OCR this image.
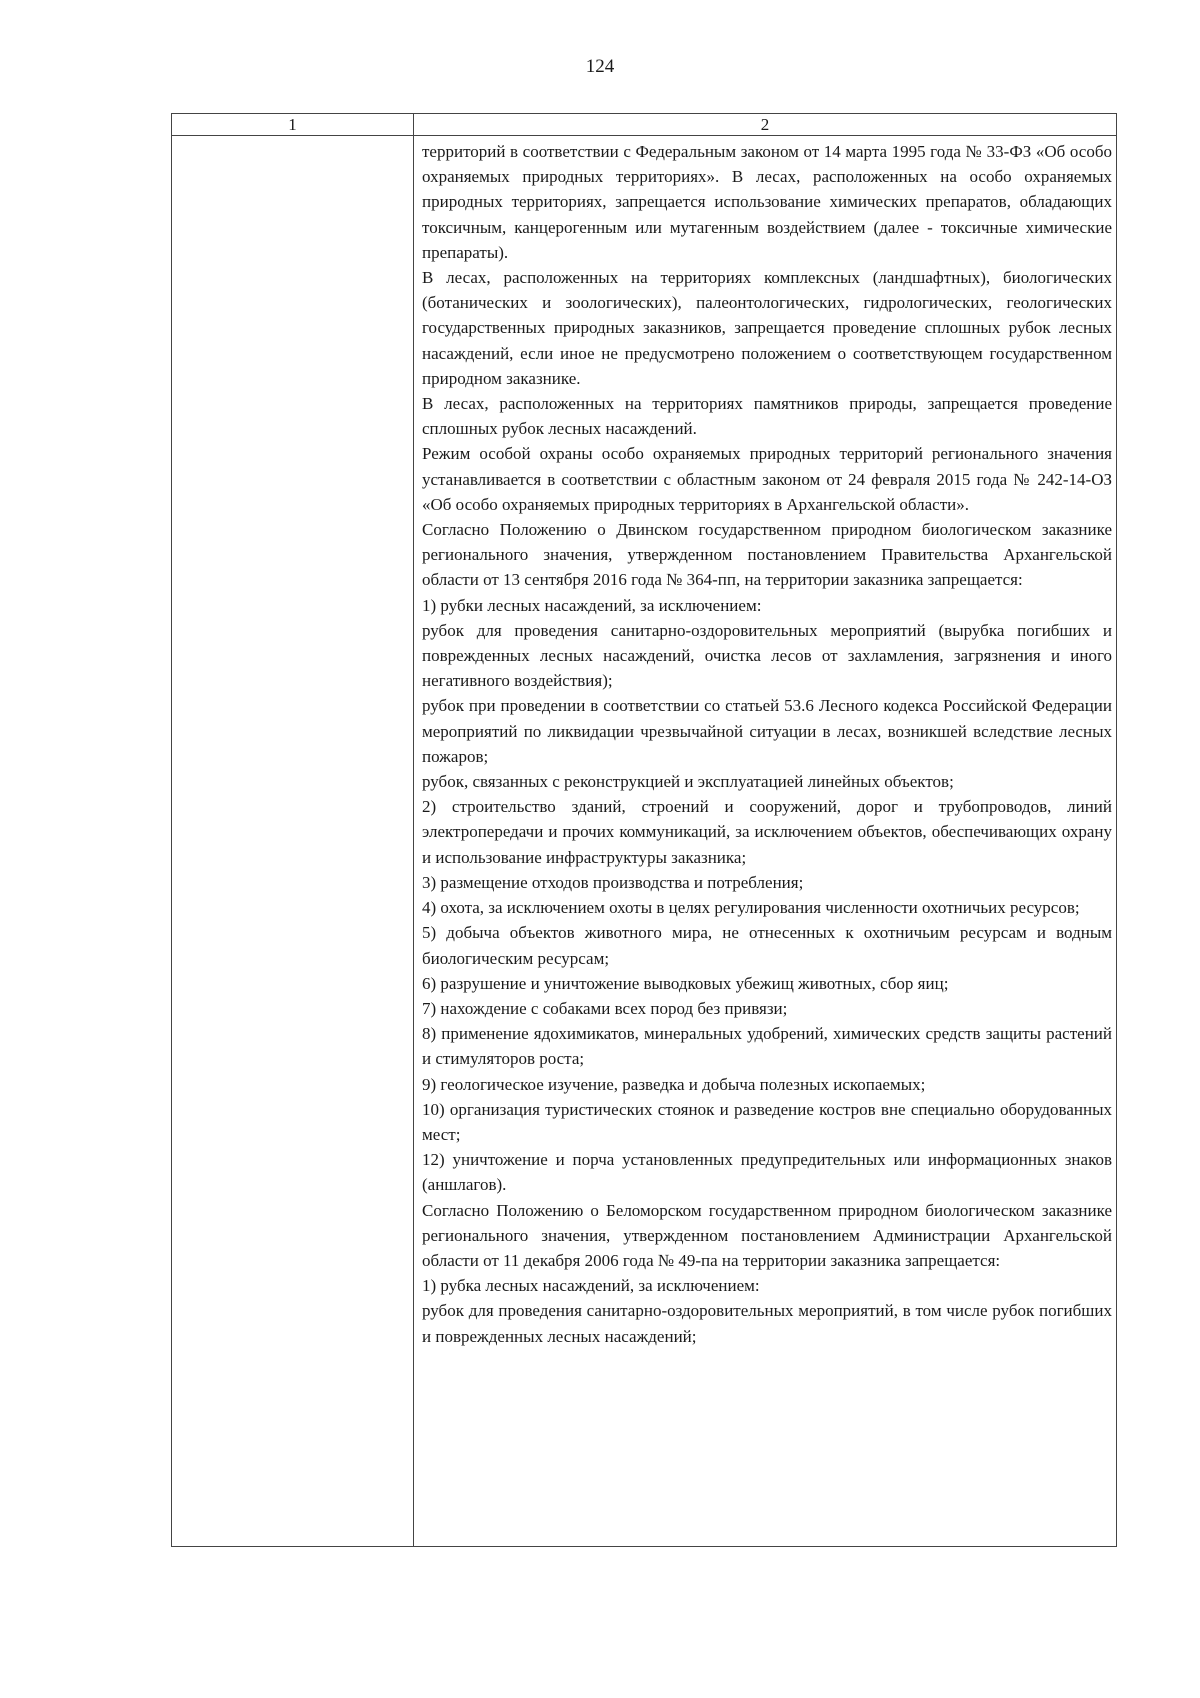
124
1	2

территорий в соответствии с Федеральным законом от 14 марта 1995 года № 33-ФЗ «Об особо охраняемых природных территориях». В лесах, расположенных на особо охраняемых природных территориях, запрещается использование химических препаратов, обладающих токсичным, канцерогенным или мутагенным воздействием (далее - токсичные химические препараты).

В лесах, расположенных на территориях комплексных (ландшафтных), биологических (ботанических и зоологических), палеонтологических, гидрологических, геологических государственных природных заказников, запрещается проведение сплошных рубок лесных насаждений, если иное не предусмотрено положением о соответствующем государственном природном заказнике.

В лесах, расположенных на территориях памятников природы, запрещается проведение сплошных рубок лесных насаждений.

Режим особой охраны особо охраняемых природных территорий регионального значения устанавливается в соответствии с областным законом от 24 февраля 2015 года № 242-14-ОЗ «Об особо охраняемых природных территориях в Архангельской области».

Согласно Положению о Двинском государственном природном биологическом заказнике регионального значения, утвержденном постановлением Правительства Архангельской области от 13 сентября 2016 года № 364-пп, на территории заказника запрещается:

1) рубки лесных насаждений, за исключением:

рубок для проведения санитарно-оздоровительных мероприятий (вырубка погибших и поврежденных лесных насаждений, очистка лесов от захламления, загрязнения и иного негативного воздействия);

рубок при проведении в соответствии со статьей 53.6 Лесного кодекса Российской Федерации мероприятий по ликвидации чрезвычайной ситуации в лесах, возникшей вследствие лесных пожаров;

рубок, связанных с реконструкцией и эксплуатацией линейных объектов;

2) строительство зданий, строений и сооружений, дорог и трубопроводов, линий электропередачи и прочих коммуникаций, за исключением объектов, обеспечивающих охрану и использование инфраструктуры заказника;

3) размещение отходов производства и потребления;

4) охота, за исключением охоты в целях регулирования численности охотничьих ресурсов;

5) добыча объектов животного мира, не отнесенных к охотничьим ресурсам и водным биологическим ресурсам;

6) разрушение и уничтожение выводковых убежищ животных, сбор яиц;

7) нахождение с собаками всех пород без привязи;

8) применение ядохимикатов, минеральных удобрений, химических средств защиты растений и стимуляторов роста;

9) геологическое изучение, разведка и добыча полезных ископаемых;

10) организация туристических стоянок и разведение костров вне специально оборудованных мест;

12) уничтожение и порча установленных предупредительных или информационных знаков (аншлагов).

Согласно Положению о Беломорском государственном природном биологическом заказнике регионального значения, утвержденном постановлением Администрации Архангельской области от 11 декабря 2006 года № 49-па на территории заказника запрещается:

1) рубка лесных насаждений, за исключением:

рубок для проведения санитарно-оздоровительных мероприятий, в том числе рубок погибших и поврежденных лесных насаждений;
